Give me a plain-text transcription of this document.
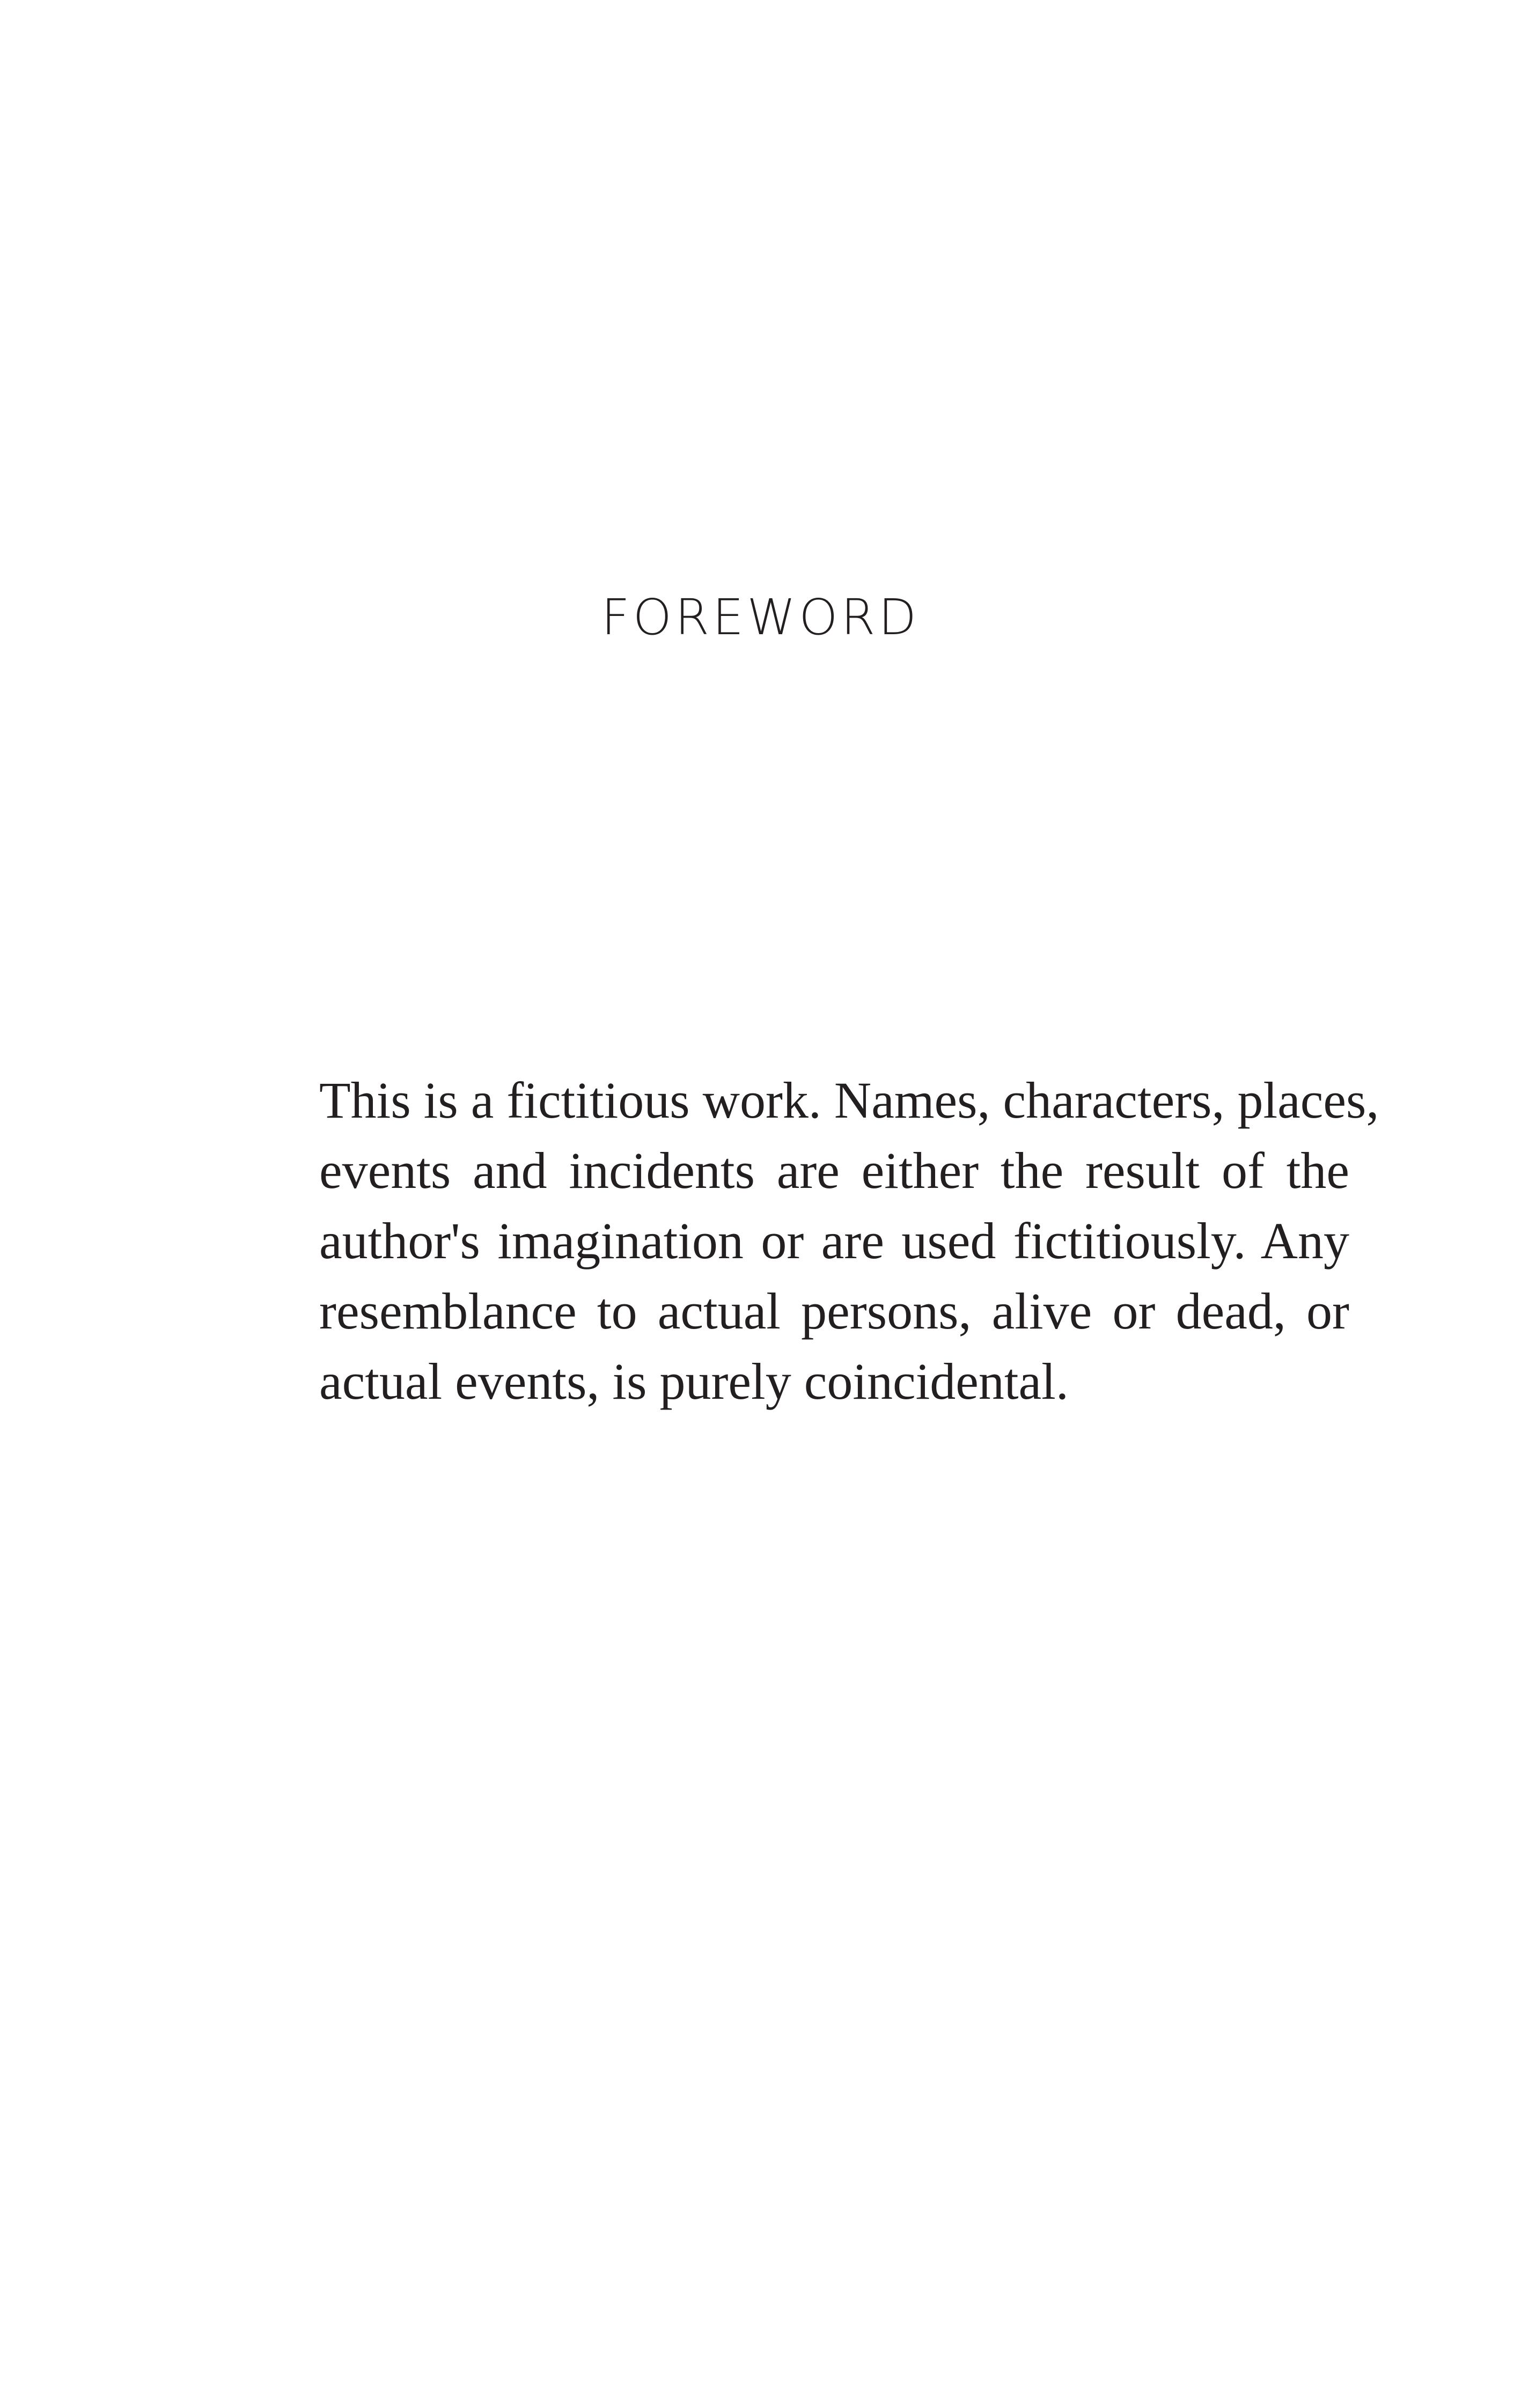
FOREWORD

This is a fictitious work. Names, characters, places,
events and incidents are either the result of the
author's imagination or are used fictitiously. Any
resemblance to actual persons, alive or dead, or
actual events, is purely coincidental.
